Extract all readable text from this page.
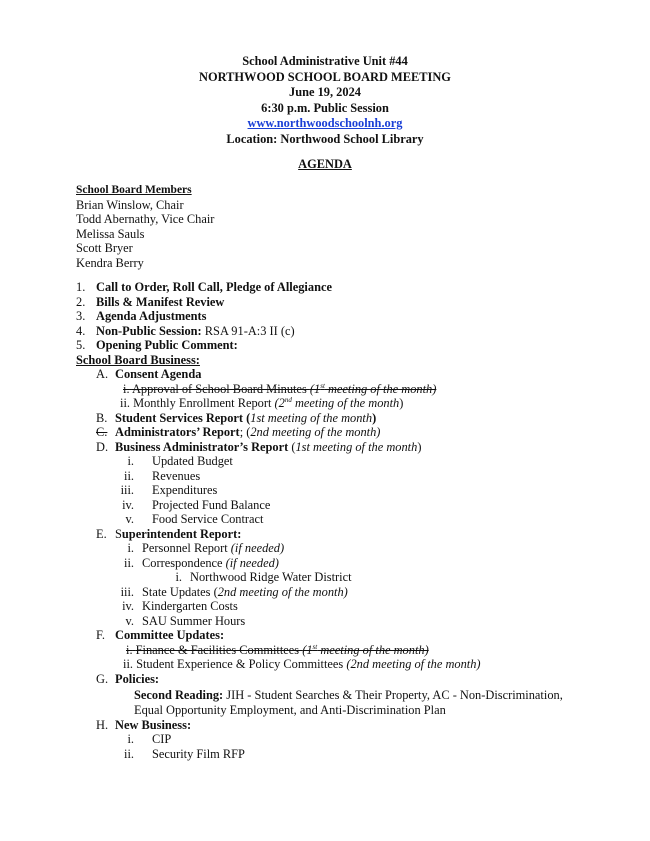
School Administrative Unit #44
NORTHWOOD SCHOOL BOARD MEETING
June 19, 2024
6:30 p.m. Public Session
www.northwoodschoolnh.org
Location: Northwood School Library
AGENDA
School Board Members
Brian Winslow, Chair
Todd Abernathy, Vice Chair
Melissa Sauls
Scott Bryer
Kendra Berry
1. Call to Order, Roll Call, Pledge of Allegiance
2. Bills & Manifest Review
3. Agenda Adjustments
4. Non-Public Session: RSA 91-A:3 II (c)
5. Opening Public Comment:
School Board Business:
A. Consent Agenda
i. Approval of School Board Minutes (1st meeting of the month)
ii. Monthly Enrollment Report (2nd meeting of the month)
B. Student Services Report (1st meeting of the month)
C. Administrators’ Report; (2nd meeting of the month)
D. Business Administrator’s Report (1st meeting of the month)
i. Updated Budget
ii. Revenues
iii. Expenditures
iv. Projected Fund Balance
v. Food Service Contract
E. Superintendent Report:
i. Personnel Report (if needed)
ii. Correspondence (if needed)
i. Northwood Ridge Water District
iii. State Updates (2nd meeting of the month)
iv. Kindergarten Costs
v. SAU Summer Hours
F. Committee Updates:
i. Finance & Facilities Committees (1st meeting of the month)
ii. Student Experience & Policy Committees (2nd meeting of the month)
G. Policies:
Second Reading: JIH - Student Searches & Their Property, AC - Non-Discrimination,
Equal Opportunity Employment, and Anti-Discrimination Plan
H. New Business:
i. CIP
ii. Security Film RFP
